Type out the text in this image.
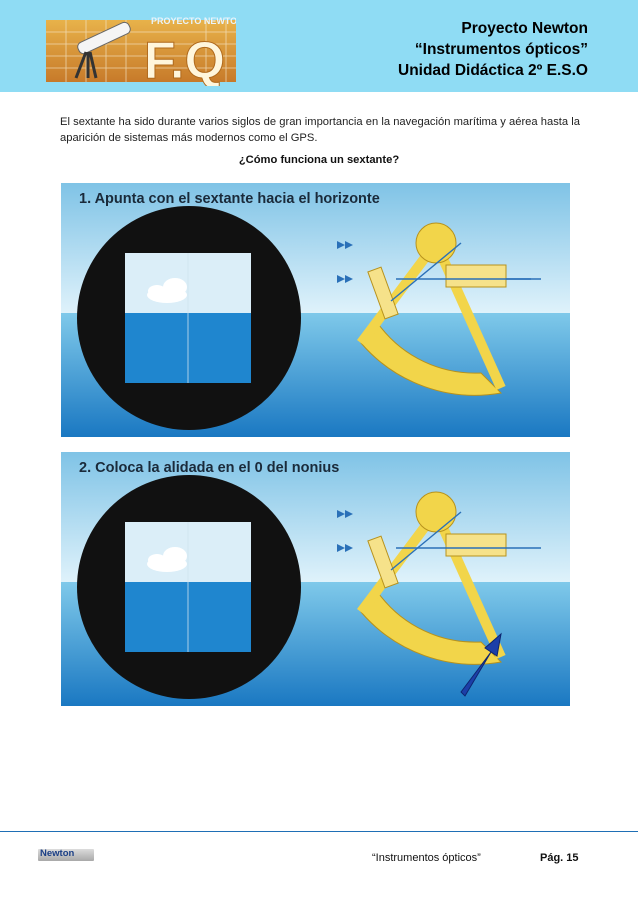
PROYECTO NEWTON
F.Q
Proyecto Newton
“Instrumentos ópticos”
Unidad Didáctica 2º E.S.O
El sextante ha sido durante varios siglos de gran importancia en la navegación marítima y aérea hasta la aparición de sistemas más modernos como el GPS.
¿Cómo funciona un sextante?
1. Apunta con el sextante hacia el horizonte
2. Coloca la alidada en el 0 del nonius
Newton	“Instrumentos ópticos”	Pág. 15
